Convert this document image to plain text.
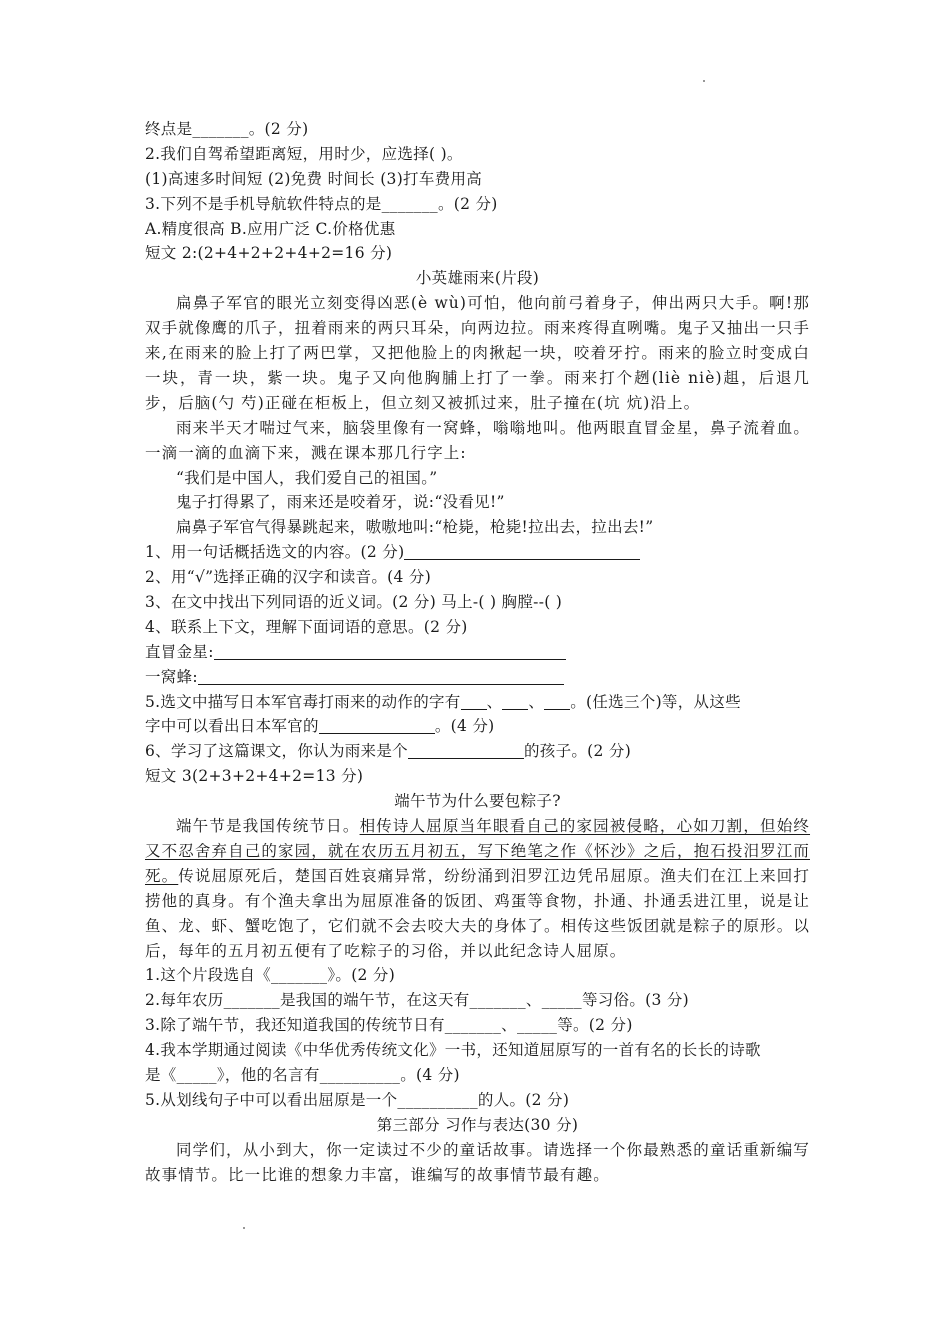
终点是_______。(2 分)
2.我们自驾希望距离短，用时少，应选择( )。
(1)高速多时间短 (2)免费 时间长 (3)打车费用高
3.下列不是手机导航软件特点的是_______。(2 分)
A.精度很高 B.应用广泛 C.价格优惠
短文 2:(2+4+2+2+4+2=16 分)
小英雄雨来(片段)
扁鼻子军官的眼光立刻变得凶恶(è wù)可怕，他向前弓着身子，伸出两只大手。啊!那双手就像鹰的爪子，扭着雨来的两只耳朵，向两边拉。雨来疼得直咧嘴。鬼子又抽出一只手来,在雨来的脸上打了两巴掌，又把他脸上的肉揪起一块，咬着牙拧。雨来的脸立时变成白一块，青一块，紫一块。鬼子又向他胸脯上打了一拳。雨来打个趔(liè niè)趄，后退几步，后脑(勺 芍)正碰在柜板上，但立刻又被抓过来，肚子撞在(坑 炕)沿上。
雨来半天才喘过气来，脑袋里像有一窝蜂，嗡嗡地叫。他两眼直冒金星，鼻子流着血。一滴一滴的血滴下来，溅在课本那几行字上:
“我们是中国人，我们爱自己的祖国。”
鬼子打得累了，雨来还是咬着牙，说:“没看见!”
扁鼻子军官气得暴跳起来，嗷嗷地叫:“枪毙，枪毙!拉出去，拉出去!”
1、用一句话概括选文的内容。(2 分)
2、用“√”选择正确的汉字和读音。(4 分)
3、在文中找出下列同语的近义词。(2 分) 马上-( ) 胸膛--( )
4、联系上下文，理解下面词语的意思。(2 分)
直冒金星:
一窝蜂:
5.选文中描写日本军官毒打雨来的动作的字有 、 、 。(任选三个)等，从这些
字中可以看出日本军官的	。(4 分)
6、学习了这篇课文，你认为雨来是个	的孩子。(2 分)
短文 3(2+3+2+4+2=13 分)
端午节为什么要包粽子?
端午节是我国传统节日。相传诗人屈原当年眼看自己的家园被侵略，心如刀割，但始终又不忍舍弃自己的家园，就在农历五月初五，写下绝笔之作《怀沙》之后，抱石投汨罗江而死。传说屈原死后，楚国百姓哀痛异常，纷纷涌到汨罗江边凭吊屈原。渔夫们在江上来回打捞他的真身。有个渔夫拿出为屈原准备的饭团、鸡蛋等食物，扑通、扑通丢进江里，说是让鱼、龙、虾、蟹吃饱了，它们就不会去咬大夫的身体了。相传这些饭团就是粽子的原形。以后，每年的五月初五便有了吃粽子的习俗，并以此纪念诗人屈原。
1.这个片段选自《_______》。(2 分)
2.每年农历_______是我国的端午节，在这天有_______、_____等习俗。(3 分)
3.除了端午节，我还知道我国的传统节日有_______、_____等。(2 分)
4.我本学期通过阅读《中华优秀传统文化》一书，还知道屈原写的一首有名的长长的诗歌
是《_____》，他的名言有__________。(4 分)
5.从划线句子中可以看出屈原是一个__________的人。(2 分)
第三部分 习作与表达(30 分)
同学们，从小到大，你一定读过不少的童话故事。请选择一个你最熟悉的童话重新编写故事情节。比一比谁的想象力丰富，谁编写的故事情节最有趣。
